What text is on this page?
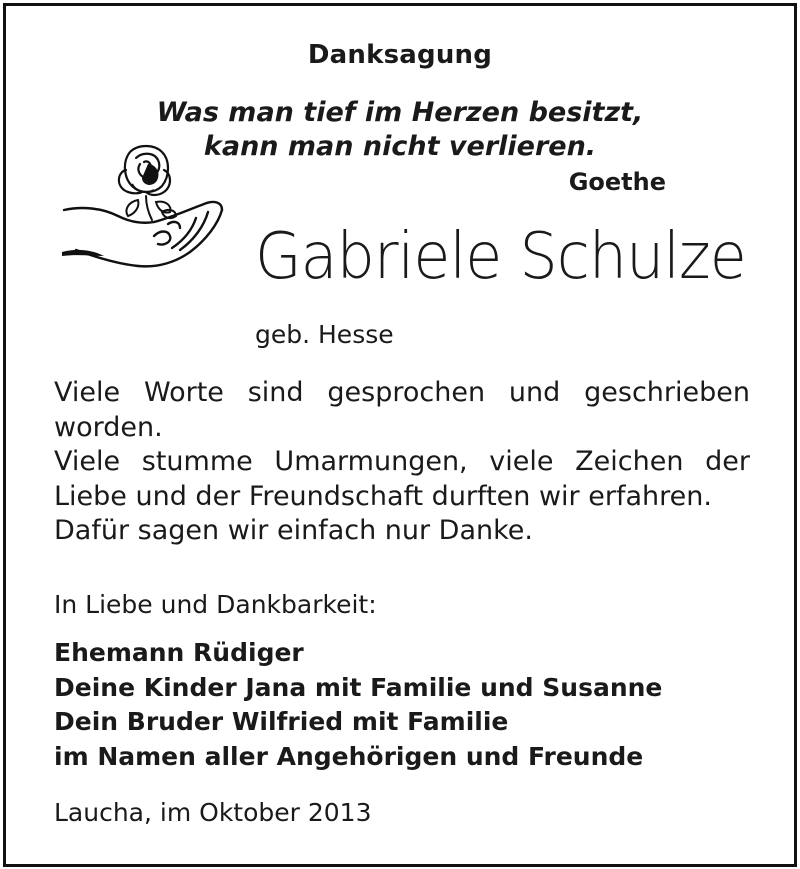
Danksagung
Was man tief im Herzen besitzt,
kann man nicht verlieren.
Goethe
Gabriele Schulze
geb. Hesse

Viele Worte sind gesprochen und geschrieben worden.

Viele stumme Umarmungen, viele Zeichen der Liebe und der Freundschaft durften wir erfahren.

Dafür sagen wir einfach nur Danke.

In Liebe und Dankbarkeit:
Ehemann Rüdiger
Deine Kinder Jana mit Familie und Susanne
Dein Bruder Wilfried mit Familie
im Namen aller Angehörigen und Freunde
Laucha, im Oktober 2013
